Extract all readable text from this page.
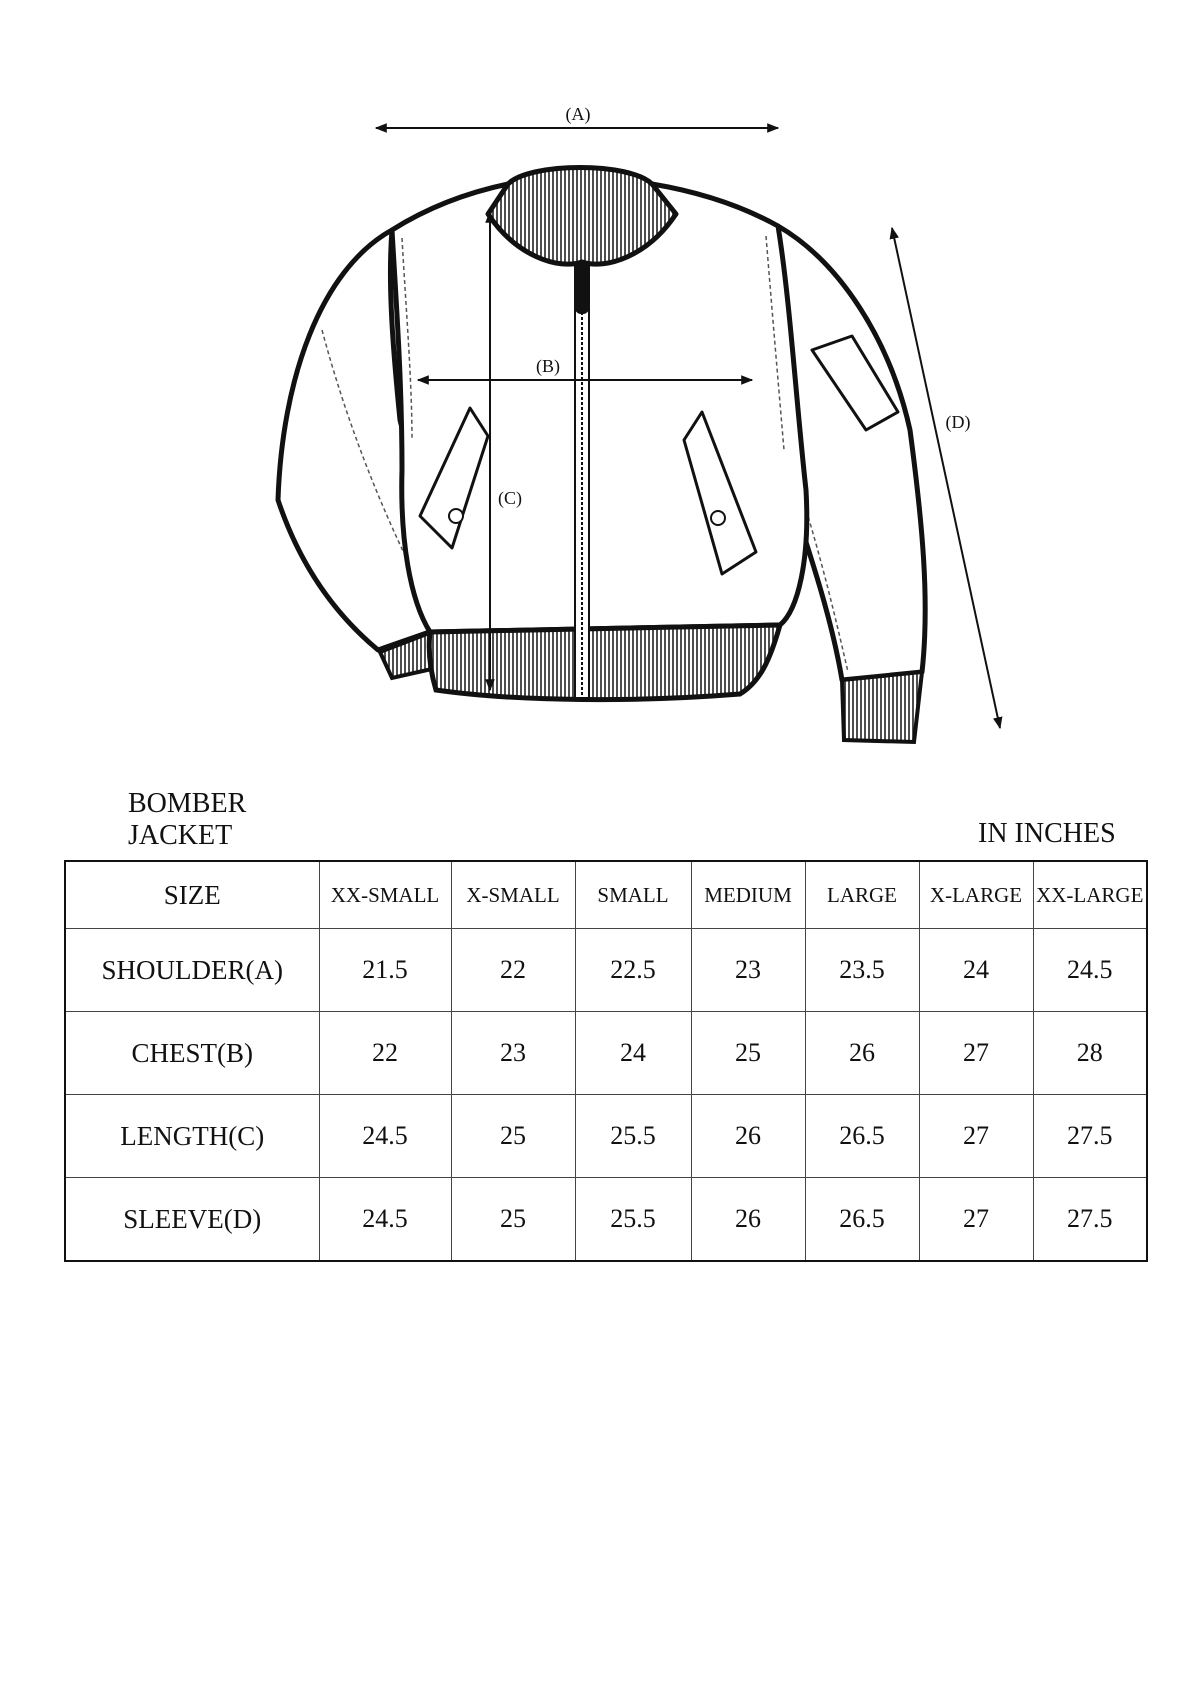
(A)
(B)
(C)
(D)
BOMBER JACKET	IN INCHES
SIZE	XX-SMALL	X-SMALL	SMALL	MEDIUM	LARGE	X-LARGE	XX-LARGE
SHOULDER(A)	21.5	22	22.5	23	23.5	24	24.5
CHEST(B)	22	23	24	25	26	27	28
LENGTH(C)	24.5	25	25.5	26	26.5	27	27.5
SLEEVE(D)	24.5	25	25.5	26	26.5	27	27.5
